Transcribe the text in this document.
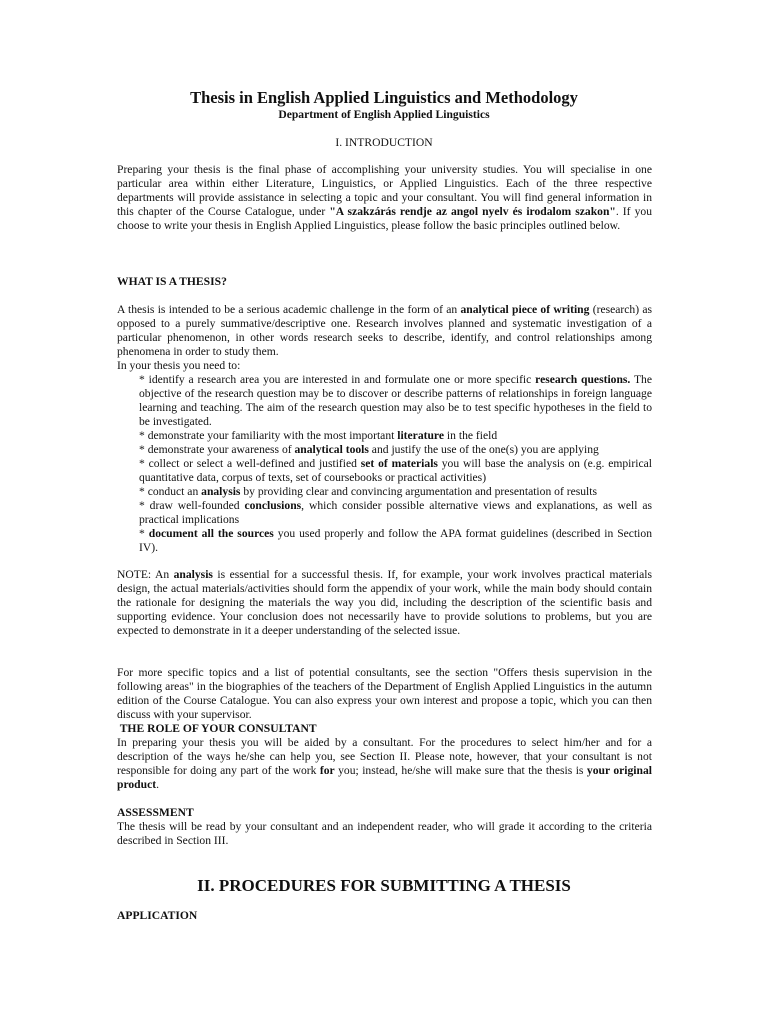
Thesis in English Applied Linguistics and Methodology
Department of English Applied Linguistics
I. INTRODUCTION

Preparing your thesis is the final phase of accomplishing your university studies. You will specialise in one particular area within either Literature, Linguistics, or Applied Linguistics. Each of the three respective departments will provide assistance in selecting a topic and your consultant. You will find general information in this chapter of the Course Catalogue, under "A szakzárás rendje az angol nyelv és irodalom szakon". If you choose to write your thesis in English Applied Linguistics, please follow the basic principles outlined below.

WHAT IS A THESIS?

A thesis is intended to be a serious academic challenge in the form of an analytical piece of writing (research) as opposed to a purely summative/descriptive one. Research involves planned and systematic investigation of a particular phenomenon, in other words research seeks to describe, identify, and control relationships among phenomena in order to study them.

In your thesis you need to:

* identify a research area you are interested in and formulate one or more specific research questions. The objective of the research question may be to discover or describe patterns of relationships in foreign language learning and teaching. The aim of the research question may also be to test specific hypotheses in the field to be investigated.
* demonstrate your familiarity with the most important literature in the field
* demonstrate your awareness of analytical tools and justify the use of the one(s) you are applying
* collect or select a well-defined and justified set of materials you will base the analysis on (e.g. empirical quantitative data, corpus of texts, set of coursebooks or practical activities)
* conduct an analysis by providing clear and convincing argumentation and presentation of results
* draw well-founded conclusions, which consider possible alternative views and explanations, as well as practical implications
* document all the sources you used properly and follow the APA format guidelines (described in Section IV).

NOTE: An analysis is essential for a successful thesis. If, for example, your work involves practical materials design, the actual materials/activities should form the appendix of your work, while the main body should contain the rationale for designing the materials the way you did, including the description of the scientific basis and supporting evidence. Your conclusion does not necessarily have to provide solutions to problems, but you are expected to demonstrate in it a deeper understanding of the selected issue.

For more specific topics and a list of potential consultants, see the section "Offers thesis supervision in the following areas" in the biographies of the teachers of the Department of English Applied Linguistics in the autumn edition of the Course Catalogue. You can also express your own interest and propose a topic, which you can then discuss with your supervisor.

THE ROLE OF YOUR CONSULTANT

In preparing your thesis you will be aided by a consultant. For the procedures to select him/her and for a description of the ways he/she can help you, see Section II. Please note, however, that your consultant is not responsible for doing any part of the work for you; instead, he/she will make sure that the thesis is your original product.

ASSESSMENT

The thesis will be read by your consultant and an independent reader, who will grade it according to the criteria described in Section III.

II. PROCEDURES FOR SUBMITTING A THESIS

APPLICATION
